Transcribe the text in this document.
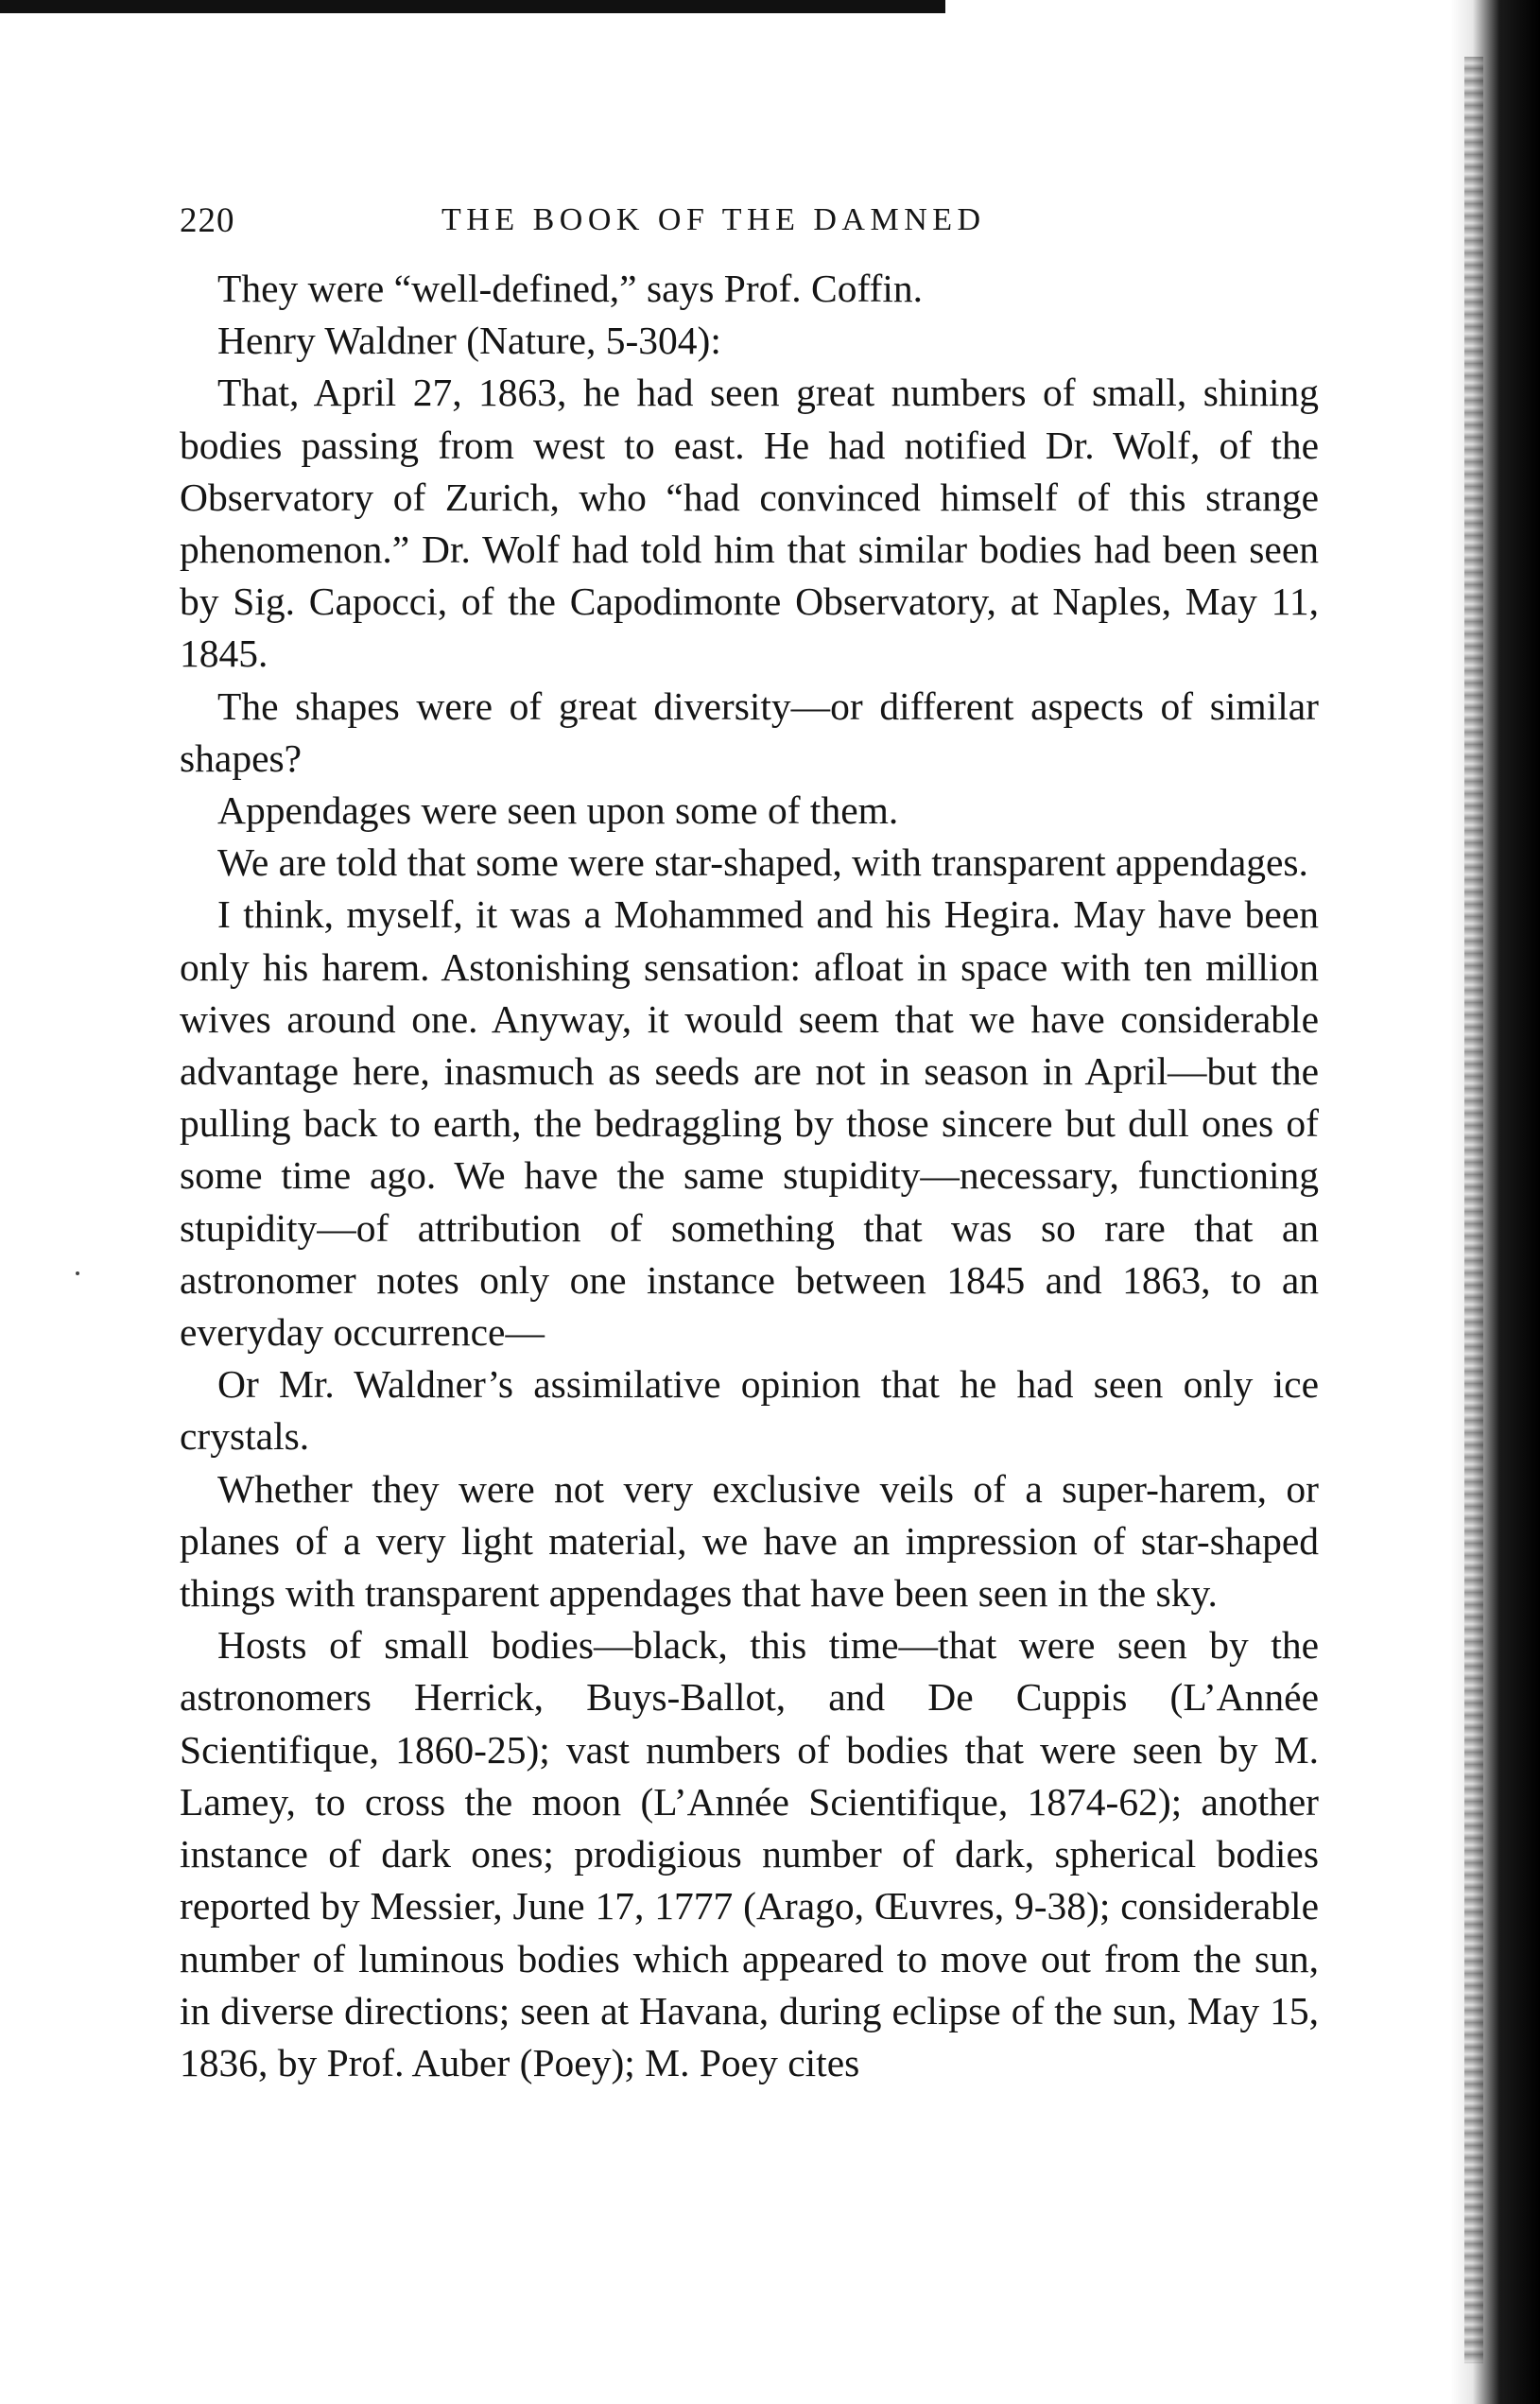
220	THE BOOK OF THE DAMNED

They were “well-defined,” says Prof. Coffin.

Henry Waldner (Nature, 5-304):

That, April 27, 1863, he had seen great numbers of small, shining bodies passing from west to east. He had notified Dr. Wolf, of the Observatory of Zurich, who “had convinced himself of this strange phenomenon.” Dr. Wolf had told him that similar bodies had been seen by Sig. Capocci, of the Capodimonte Observatory, at Naples, May 11, 1845.

The shapes were of great diversity—or different aspects of similar shapes?

Appendages were seen upon some of them.

We are told that some were star-shaped, with transparent appendages.

I think, myself, it was a Mohammed and his Hegira. May have been only his harem. Astonishing sensation: afloat in space with ten million wives around one. Anyway, it would seem that we have considerable advantage here, inasmuch as seeds are not in season in April—but the pulling back to earth, the bedraggling by those sincere but dull ones of some time ago. We have the same stupidity—necessary, functioning stupidity—of attribution of something that was so rare that an astronomer notes only one instance between 1845 and 1863, to an everyday occurrence—

Or Mr. Waldner’s assimilative opinion that he had seen only ice crystals.

Whether they were not very exclusive veils of a super-harem, or planes of a very light material, we have an impression of star-shaped things with transparent appendages that have been seen in the sky.

Hosts of small bodies—black, this time—that were seen by the astronomers Herrick, Buys-Ballot, and De Cuppis (L’Année Scientifique, 1860-25); vast numbers of bodies that were seen by M. Lamey, to cross the moon (L’Année Scientifique, 1874-62); another instance of dark ones; prodigious number of dark, spherical bodies reported by Messier, June 17, 1777 (Arago, Œuvres, 9-38); considerable number of luminous bodies which appeared to move out from the sun, in diverse directions; seen at Havana, during eclipse of the sun, May 15, 1836, by Prof. Auber (Poey); M. Poey cites
